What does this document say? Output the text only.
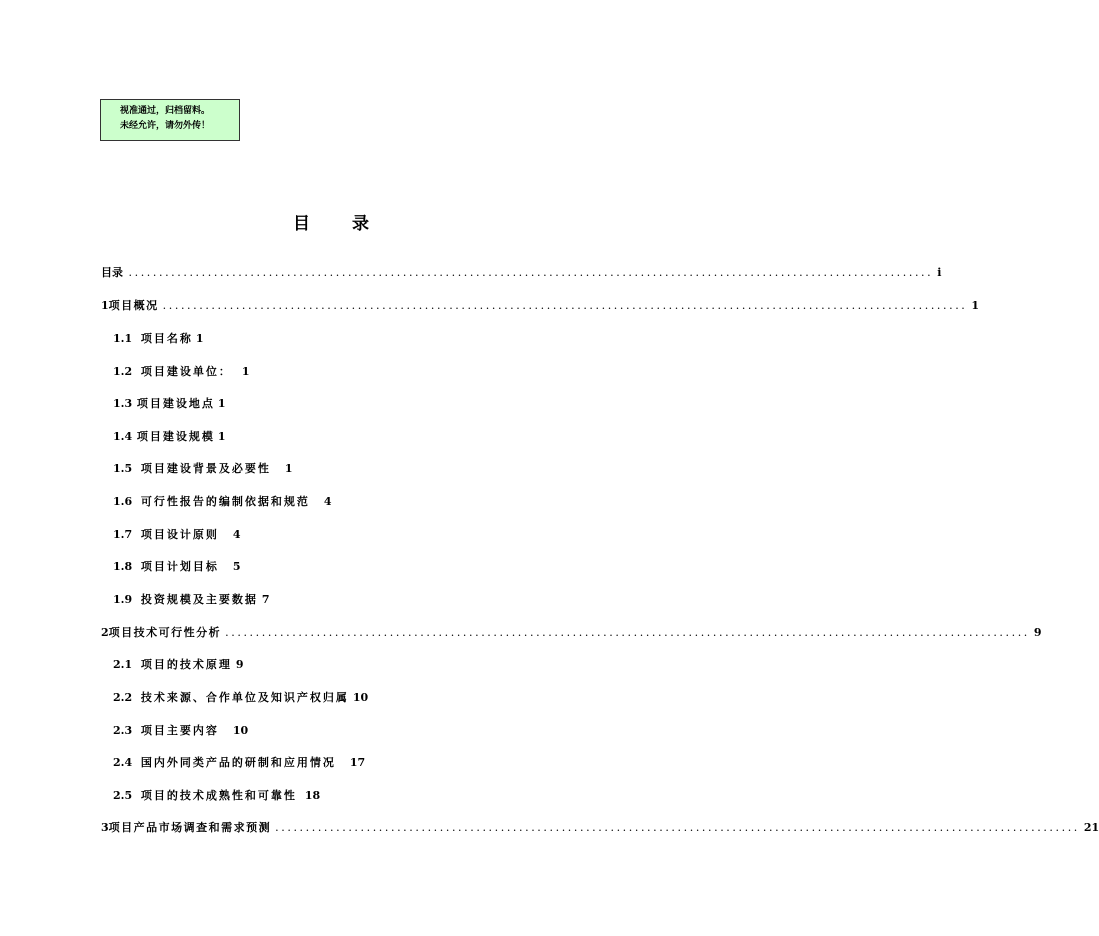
视准通过，归档留料。
未经允许，请勿外传！
目 录
目 录 .................................................................................................................................... i
1 项目概况 .................................................................................................................................... 1
1.1 项目名称 1
1.2 项目建设单位： 1
1.3 项目建设地点 1
1.4 项目建设规模 1
1.5 项目建设背景及必要性 1
1.6 可行性报告的编制依据和规范 4
1.7 项目设计原则 4
1.8 项目计划目标 5
1.9 投资规模及主要数据 7
2 项目技术可行性分析 .................................................................................................................................... 9
2.1 项目的技术原理 9
2.2 技术来源、合作单位及知识产权归属 10
2.3 项目主要内容 10
2.4 国内外同类产品的研制和应用情况 17
2.5 项目的技术成熟性和可靠性 18
3 项目产品市场调查和需求预测 .................................................................................................................................... 21
